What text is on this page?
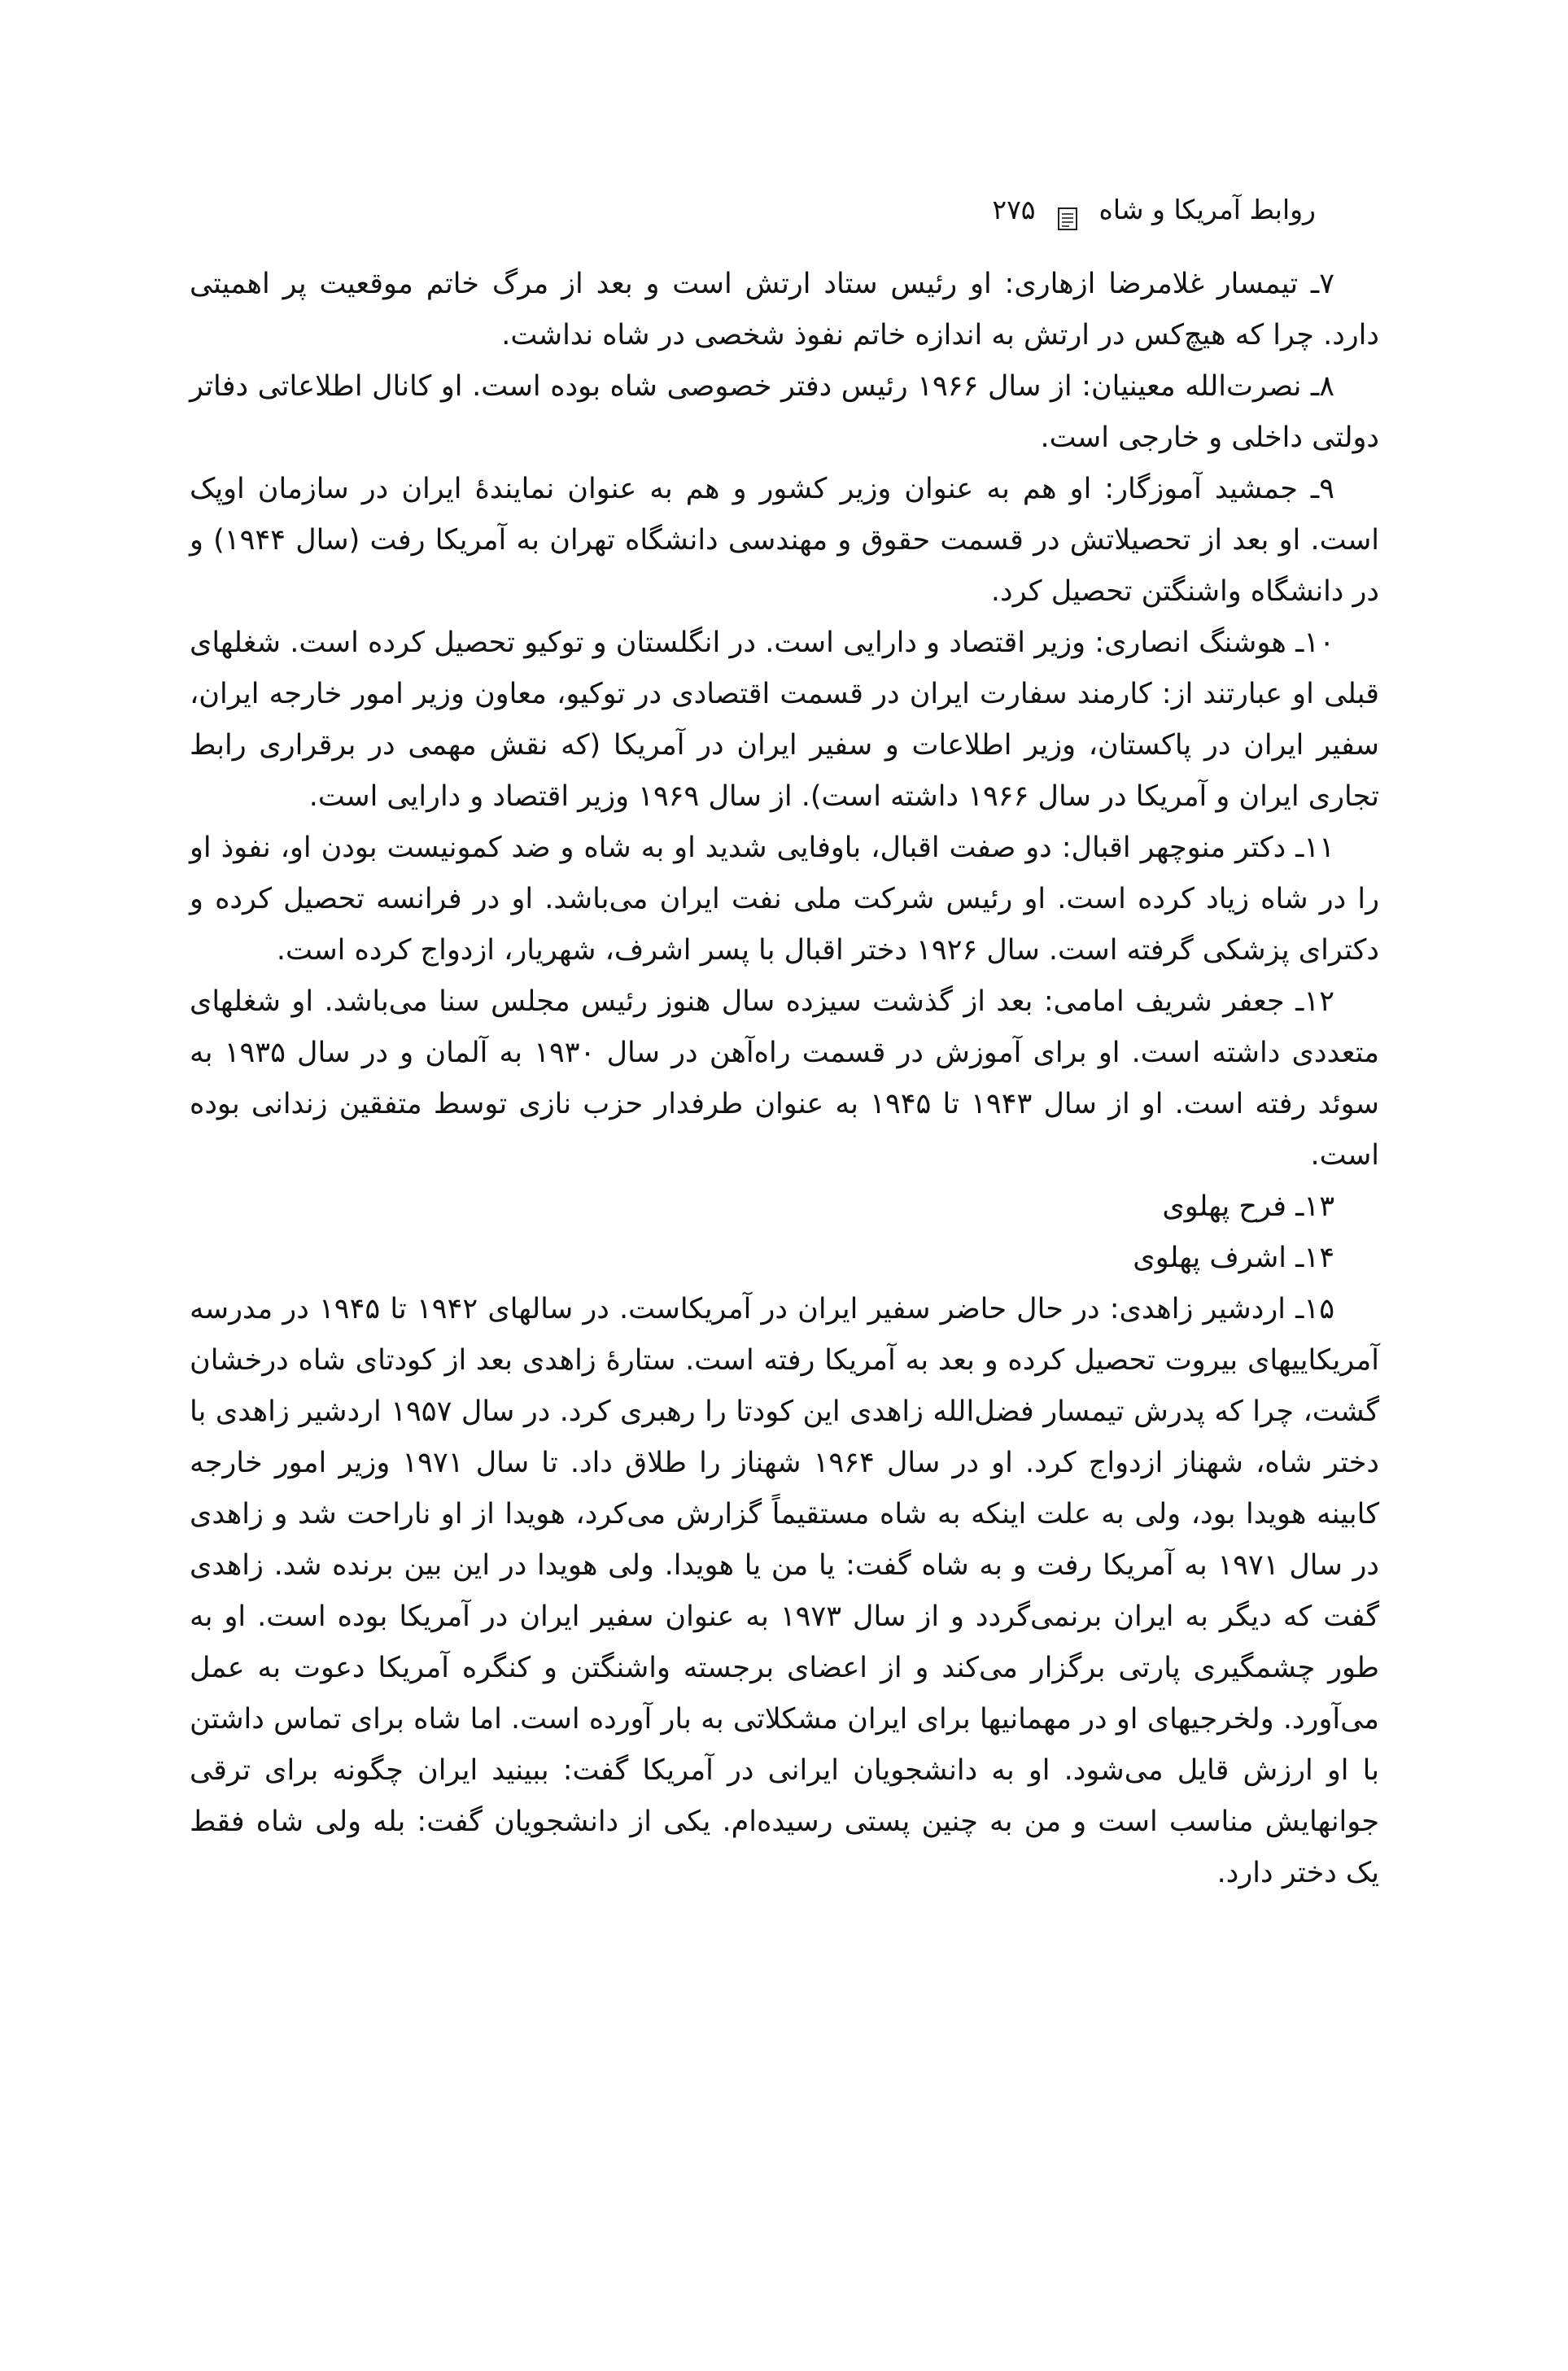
روابط آمریکا و شاه
۲۷۵

۷ـ تیمسار غلامرضا ازهاری: او رئیس ستاد ارتش است و بعد از مرگ خاتم موقعیت پر اهمیتی دارد. چرا که هیچ‌کس در ارتش به اندازه خاتم نفوذ شخصی در شاه نداشت.

۸ـ نصرت‌الله معینیان: از سال ۱۹۶۶ رئیس دفتر خصوصی شاه بوده است. او کانال اطلاعاتی دفاتر دولتی داخلی و خارجی است.

۹ـ جمشید آموزگار: او هم به عنوان وزیر کشور و هم به عنوان نمایندهٔ ایران در سازمان اوپک است. او بعد از تحصیلاتش در قسمت حقوق و مهندسی دانشگاه تهران به آمریکا رفت (سال ۱۹۴۴) و در دانشگاه واشنگتن تحصیل کرد.

۱۰ـ هوشنگ انصاری: وزیر اقتصاد و دارایی است. در انگلستان و توکیو تحصیل کرده است. شغلهای قبلی او عبارتند از: کارمند سفارت ایران در قسمت اقتصادی در توکیو، معاون وزیر امور خارجه ایران، سفیر ایران در پاکستان، وزیر اطلاعات و سفیر ایران در آمریکا (که نقش مهمی در برقراری رابط تجاری ایران و آمریکا در سال ۱۹۶۶ داشته است). از سال ۱۹۶۹ وزیر اقتصاد و دارایی است.

۱۱ـ دکتر منوچهر اقبال: دو صفت اقبال، باوفایی شدید او به شاه و ضد کمونیست بودن او، نفوذ او را در شاه زیاد کرده است. او رئیس شرکت ملی نفت ایران می‌باشد. او در فرانسه تحصیل کرده و دکترای پزشکی گرفته است. سال ۱۹۲۶ دختر اقبال با پسر اشرف، شهریار، ازدواج کرده است.

۱۲ـ جعفر شریف امامی: بعد از گذشت سیزده سال هنوز رئیس مجلس سنا می‌باشد. او شغلهای متعددی داشته است. او برای آموزش در قسمت راه‌آهن در سال ۱۹۳۰ به آلمان و در سال ۱۹۳۵ به سوئد رفته است. او از سال ۱۹۴۳ تا ۱۹۴۵ به عنوان طرفدار حزب نازی توسط متفقین زندانی بوده است.

۱۳ـ فرح پهلوی

۱۴ـ اشرف پهلوی

۱۵ـ اردشیر زاهدی: در حال حاضر سفیر ایران در آمریکاست. در سالهای ۱۹۴۲ تا ۱۹۴۵ در مدرسه آمریکاییهای بیروت تحصیل کرده و بعد به آمریکا رفته است. ستارهٔ زاهدی بعد از کودتای شاه درخشان گشت، چرا که پدرش تیمسار فضل‌الله زاهدی این کودتا را رهبری کرد. در سال ۱۹۵۷ اردشیر زاهدی با دختر شاه، شهناز ازدواج کرد. او در سال ۱۹۶۴ شهناز را طلاق داد. تا سال ۱۹۷۱ وزیر امور خارجه کابینه هویدا بود، ولی به علت اینکه به شاه مستقیماً گزارش می‌کرد، هویدا از او ناراحت شد و زاهدی در سال ۱۹۷۱ به آمریکا رفت و به شاه گفت: یا من یا هویدا. ولی هویدا در این بین برنده شد. زاهدی گفت که دیگر به ایران برنمی‌گردد و از سال ۱۹۷۳ به عنوان سفیر ایران در آمریکا بوده است. او به طور چشمگیری پارتی برگزار می‌کند و از اعضای برجسته واشنگتن و کنگره آمریکا دعوت به عمل می‌آورد. ولخرجیهای او در مهمانیها برای ایران مشکلاتی به بار آورده است. اما شاه برای تماس داشتن با او ارزش قایل می‌شود. او به دانشجویان ایرانی در آمریکا گفت: ببینید ایران چگونه برای ترقی جوانهایش مناسب است و من به چنین پستی رسیده‌ام. یکی از دانشجویان گفت: بله ولی شاه فقط یک دختر دارد.
